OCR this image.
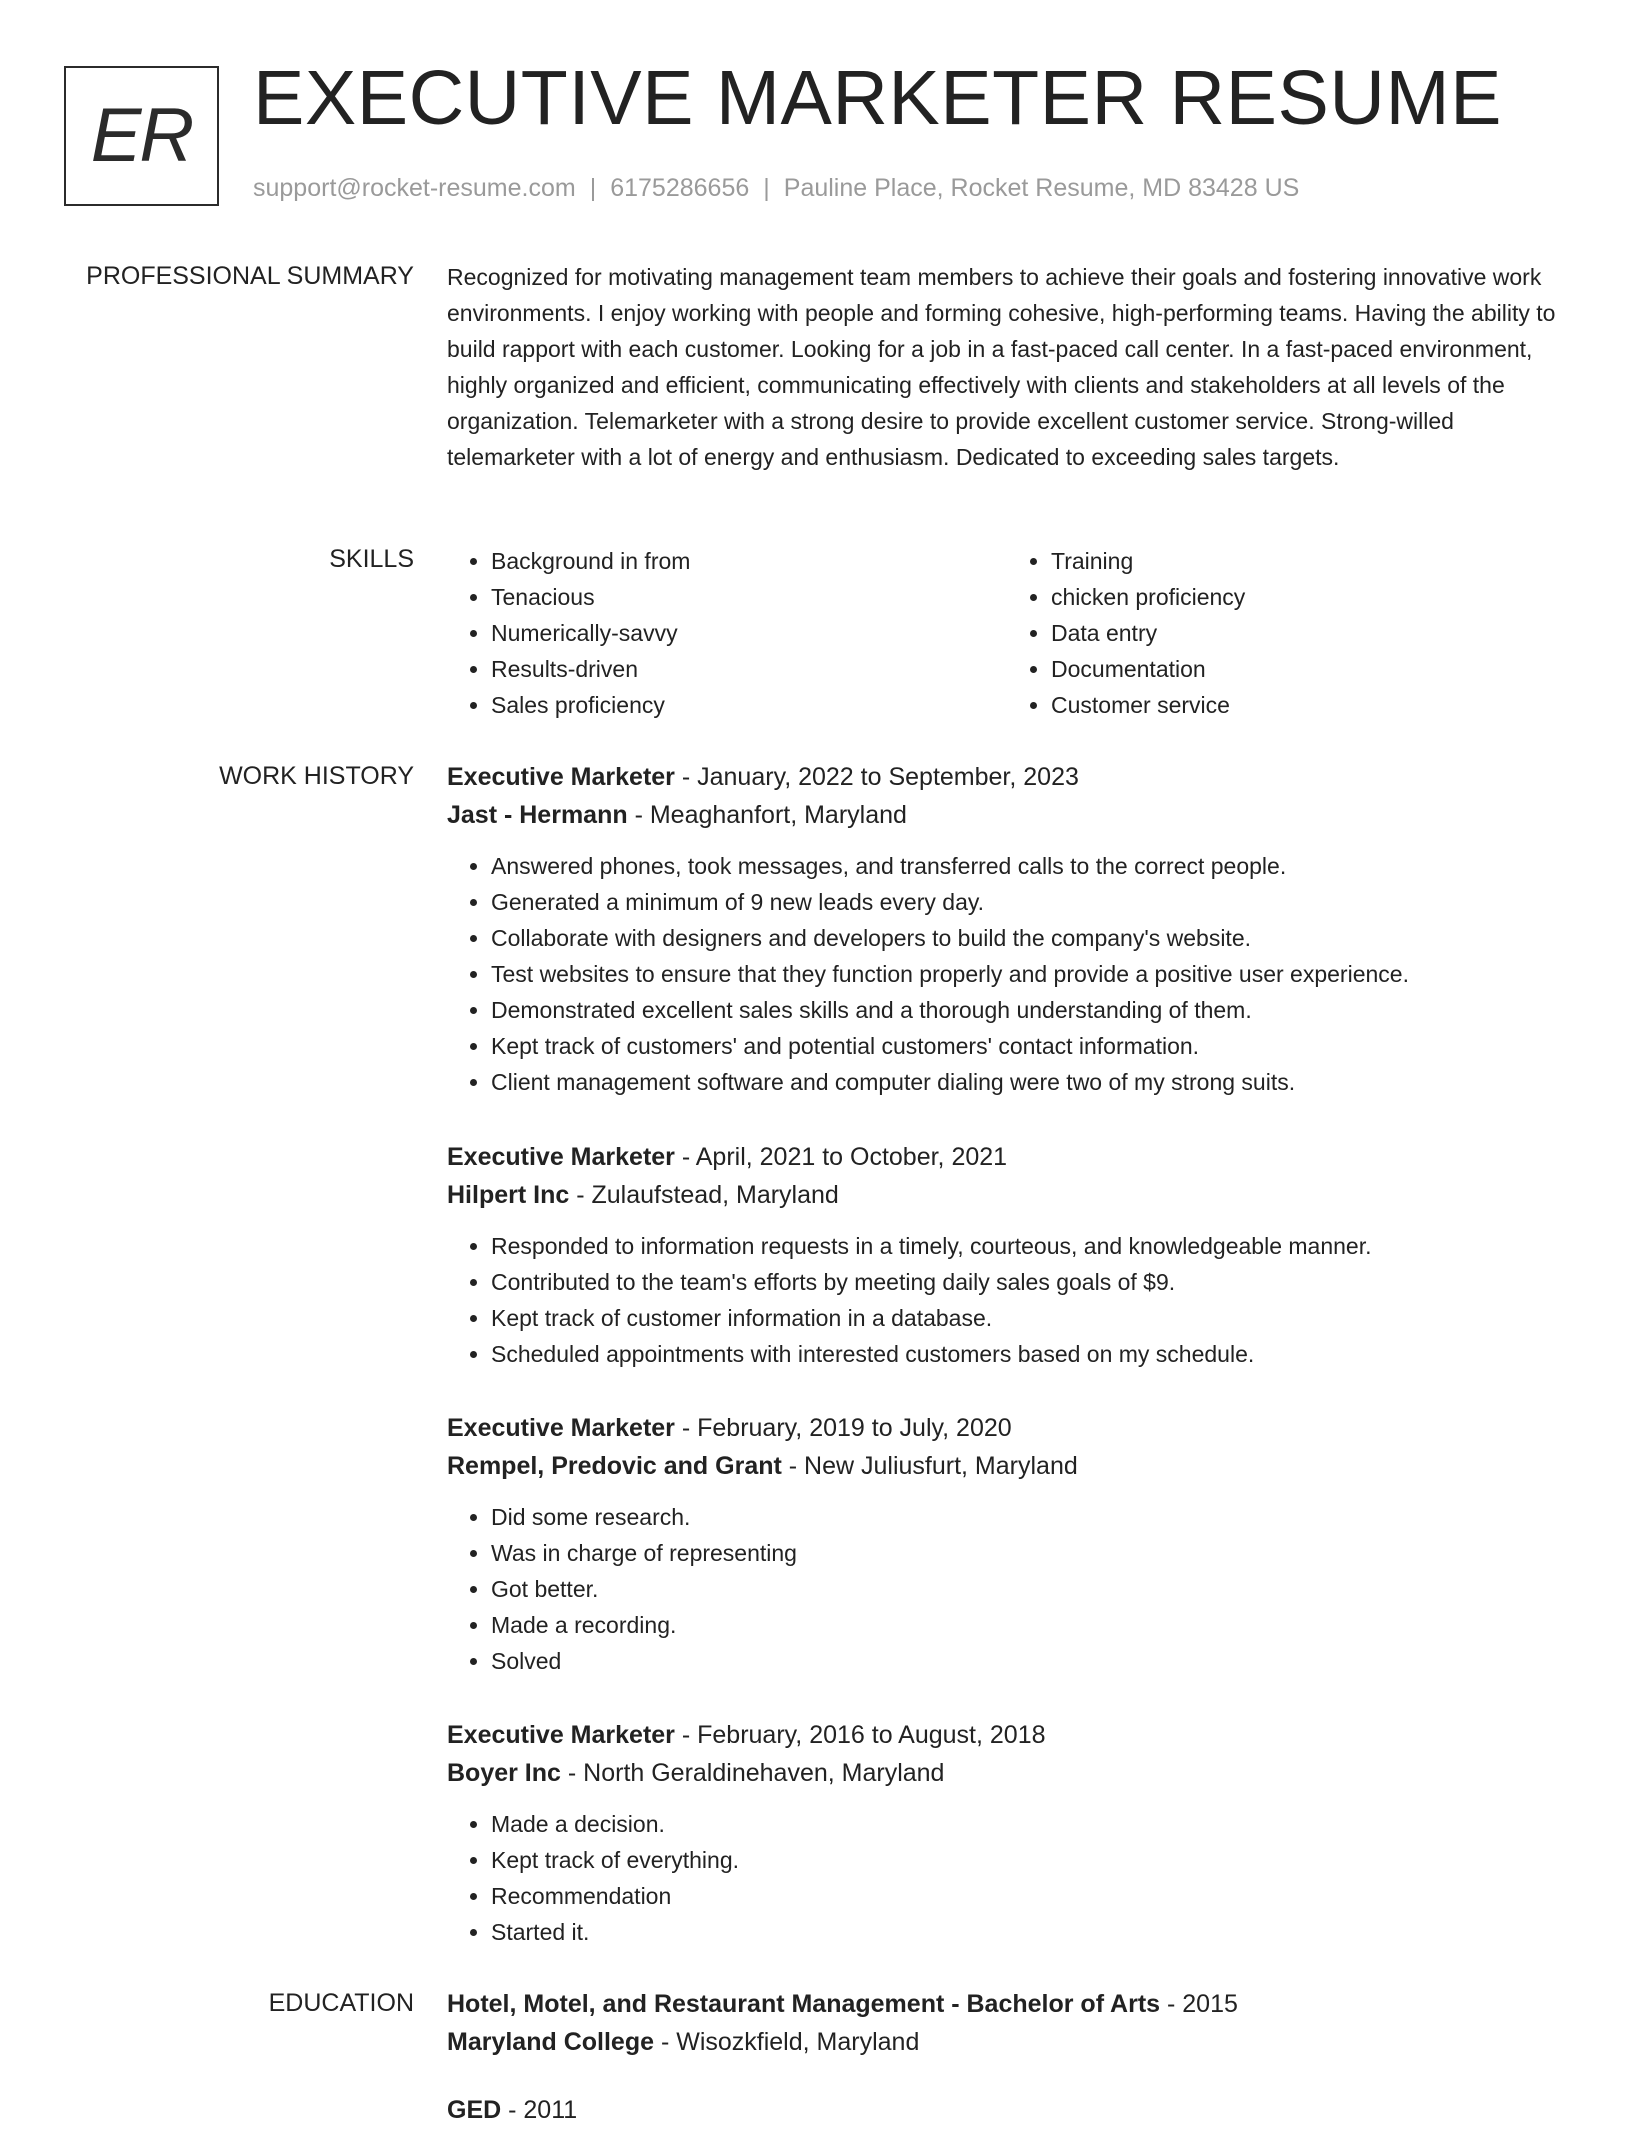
ER EXECUTIVE MARKETER RESUME
support@rocket-resume.com | 6175286656 | Pauline Place, Rocket Resume, MD 83428 US
PROFESSIONAL SUMMARY Recognized for motivating management team members to achieve their goals and fostering innovative work environments. I enjoy working with people and forming cohesive, high-performing teams. Having the ability to build rapport with each customer. Looking for a job in a fast-paced call center. In a fast-paced environment, highly organized and efficient, communicating effectively with clients and stakeholders at all levels of the organization. Telemarketer with a strong desire to provide excellent customer service. Strong-willed telemarketer with a lot of energy and enthusiasm. Dedicated to exceeding sales targets.

SKILLS
•	Background in from
• Tenacious
• Numerically-savvy
• Results-driven
• Sales proficiency
• Training
• chicken proficiency
• Data entry
• Documentation
• Customer service
WORK HISTORY Executive Marketer - January, 2022 to September, 2023
Jast - Hermann - Meaghanfort, Maryland
• Answered phones, took messages, and transferred calls to the correct people.
• Generated a minimum of 9 new leads every day.
• Collaborate with designers and developers to build the company's website.
• Test websites to ensure that they function properly and provide a positive user experience.
• Demonstrated excellent sales skills and a thorough understanding of them.
• Kept track of customers' and potential customers' contact information.
• Client management software and computer dialing were two of my strong suits.
Executive Marketer - April, 2021 to October, 2021
Hilpert Inc - Zulaufstead, Maryland
• Responded to information requests in a timely, courteous, and knowledgeable manner.
• Contributed to the team's efforts by meeting daily sales goals of $9.
• Kept track of customer information in a database.
• Scheduled appointments with interested customers based on my schedule.
Executive Marketer - February, 2019 to July, 2020
Rempel, Predovic and Grant - New Juliusfurt, Maryland
• Did some research.
• Was in charge of representing
• Got better.
• Made a recording.
• Solved
Executive Marketer - February, 2016 to August, 2018
Boyer Inc - North Geraldinehaven, Maryland
• Made a decision.
• Kept track of everything.
• Recommendation
• Started it.
EDUCATION Hotel, Motel, and Restaurant Management - Bachelor of Arts - 2015
Maryland College - Wisozkfield, Maryland
GED - 2011
